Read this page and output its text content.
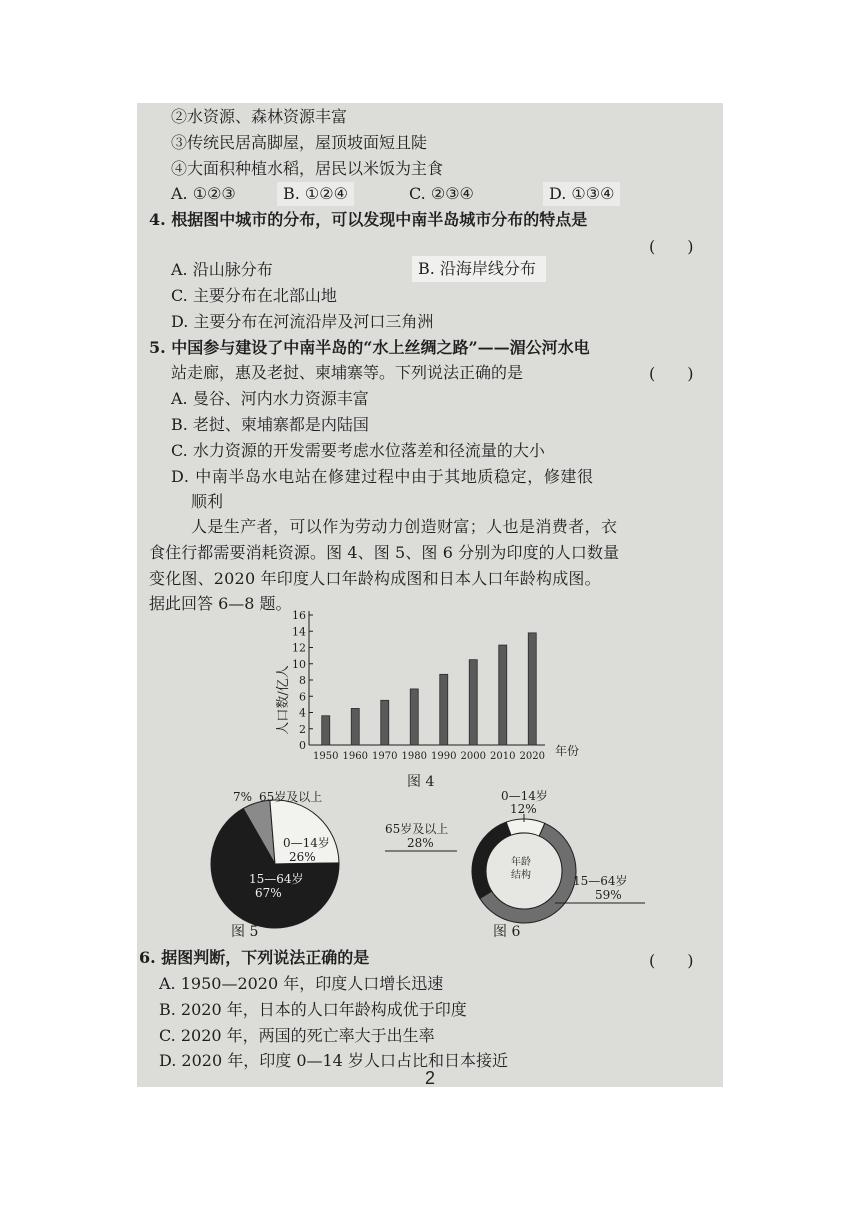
②水资源、森林资源丰富
③传统民居高脚屋，屋顶坡面短且陡
④大面积种植水稻，居民以米饭为主食
A. ①②③	B. ①②④	C. ②③④	D. ①③④
4. 根据图中城市的分布，可以发现中南半岛城市分布的特点是
(　　)
A. 沿山脉分布	B. 沿海岸线分布
C. 主要分布在北部山地
D. 主要分布在河流沿岸及河口三角洲
5. 中国参与建设了中南半岛的“水上丝绸之路”——湄公河水电
站走廊，惠及老挝、柬埔寨等。下列说法正确的是	(　　)
A. 曼谷、河内水力资源丰富
B. 老挝、柬埔寨都是内陆国
C. 水力资源的开发需要考虑水位落差和径流量的大小
D. 中南半岛水电站在修建过程中由于其地质稳定，修建很
顺利
人是生产者，可以作为劳动力创造财富；人也是消费者，衣
食住行都需要消耗资源。图 4、图 5、图 6 分别为印度的人口数量
变化图、2020 年印度人口年龄构成图和日本人口年龄构成图。
据此回答 6—8 题。
人口数/亿人
年份
0
2
4
6
8
10
12
14
16
1950 1960 1970 1980 1990 2000 2010 2020
图 4
7% 65岁及以上
0—14岁
26%
15—64岁
67%
图 5
0—14岁
12%
65岁及以上
28%
15—64岁
59%
年龄
结构
图 6
6. 据图判断，下列说法正确的是	(　　)
A. 1950—2020 年，印度人口增长迅速
B. 2020 年，日本的人口年龄构成优于印度
C. 2020 年，两国的死亡率大于出生率
D. 2020 年，印度 0—14 岁人口占比和日本接近
2
